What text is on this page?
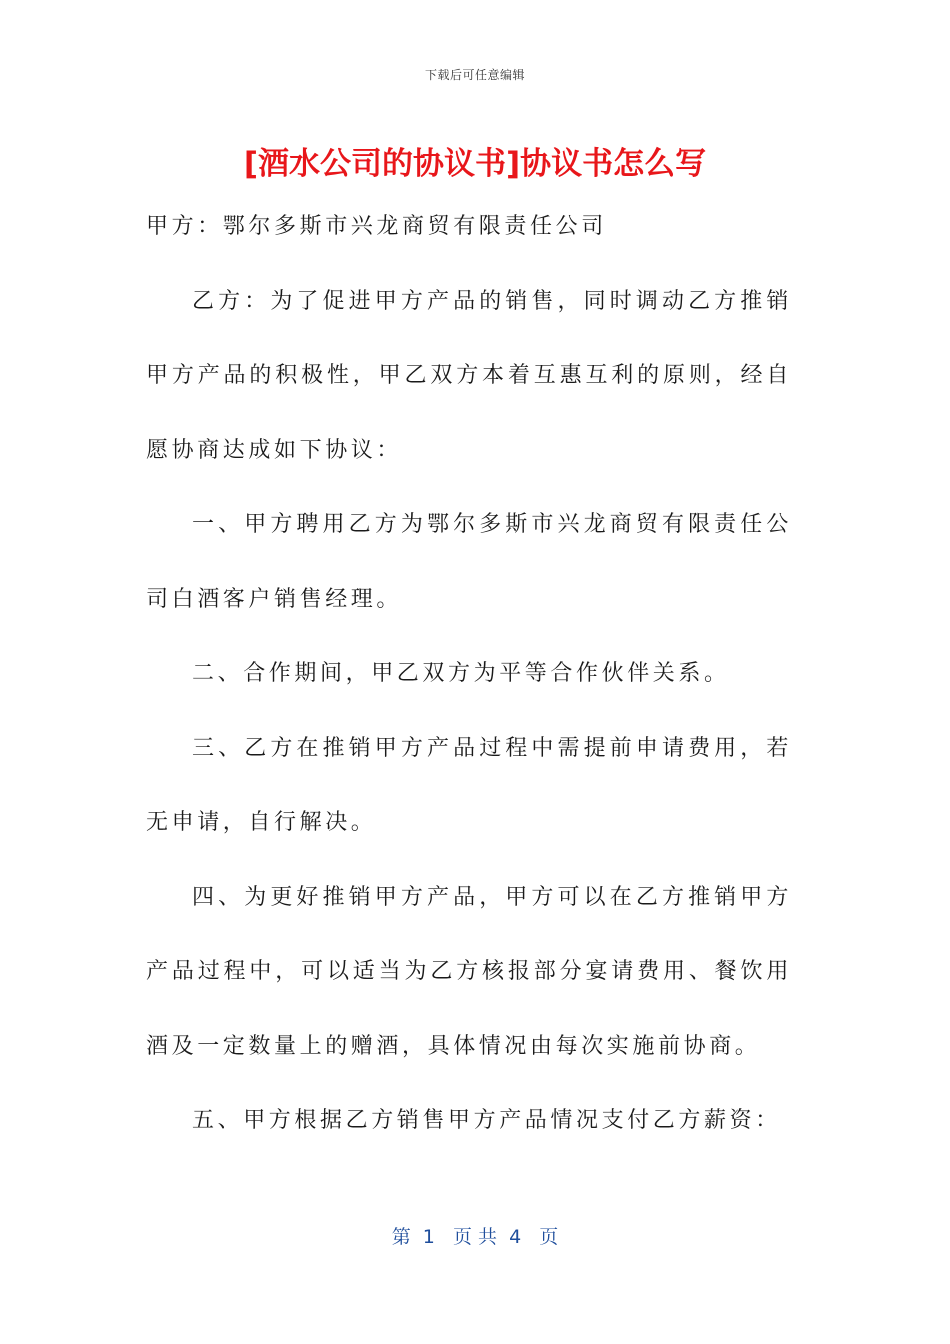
下载后可任意编辑
[酒水公司的协议书]协议书怎么写

甲方：鄂尔多斯市兴龙商贸有限责任公司

乙方：为了促进甲方产品的销售，同时调动乙方推销甲方产品的积极性，甲乙双方本着互惠互利的原则，经自愿协商达成如下协议：

一、甲方聘用乙方为鄂尔多斯市兴龙商贸有限责任公司白酒客户销售经理。

二、合作期间，甲乙双方为平等合作伙伴关系。

三、乙方在推销甲方产品过程中需提前申请费用，若无申请，自行解决。

四、为更好推销甲方产品，甲方可以在乙方推销甲方产品过程中，可以适当为乙方核报部分宴请费用、餐饮用酒及一定数量上的赠酒，具体情况由每次实施前协商。

五、甲方根据乙方销售甲方产品情况支付乙方薪资：

第  1   页 共  4   页
